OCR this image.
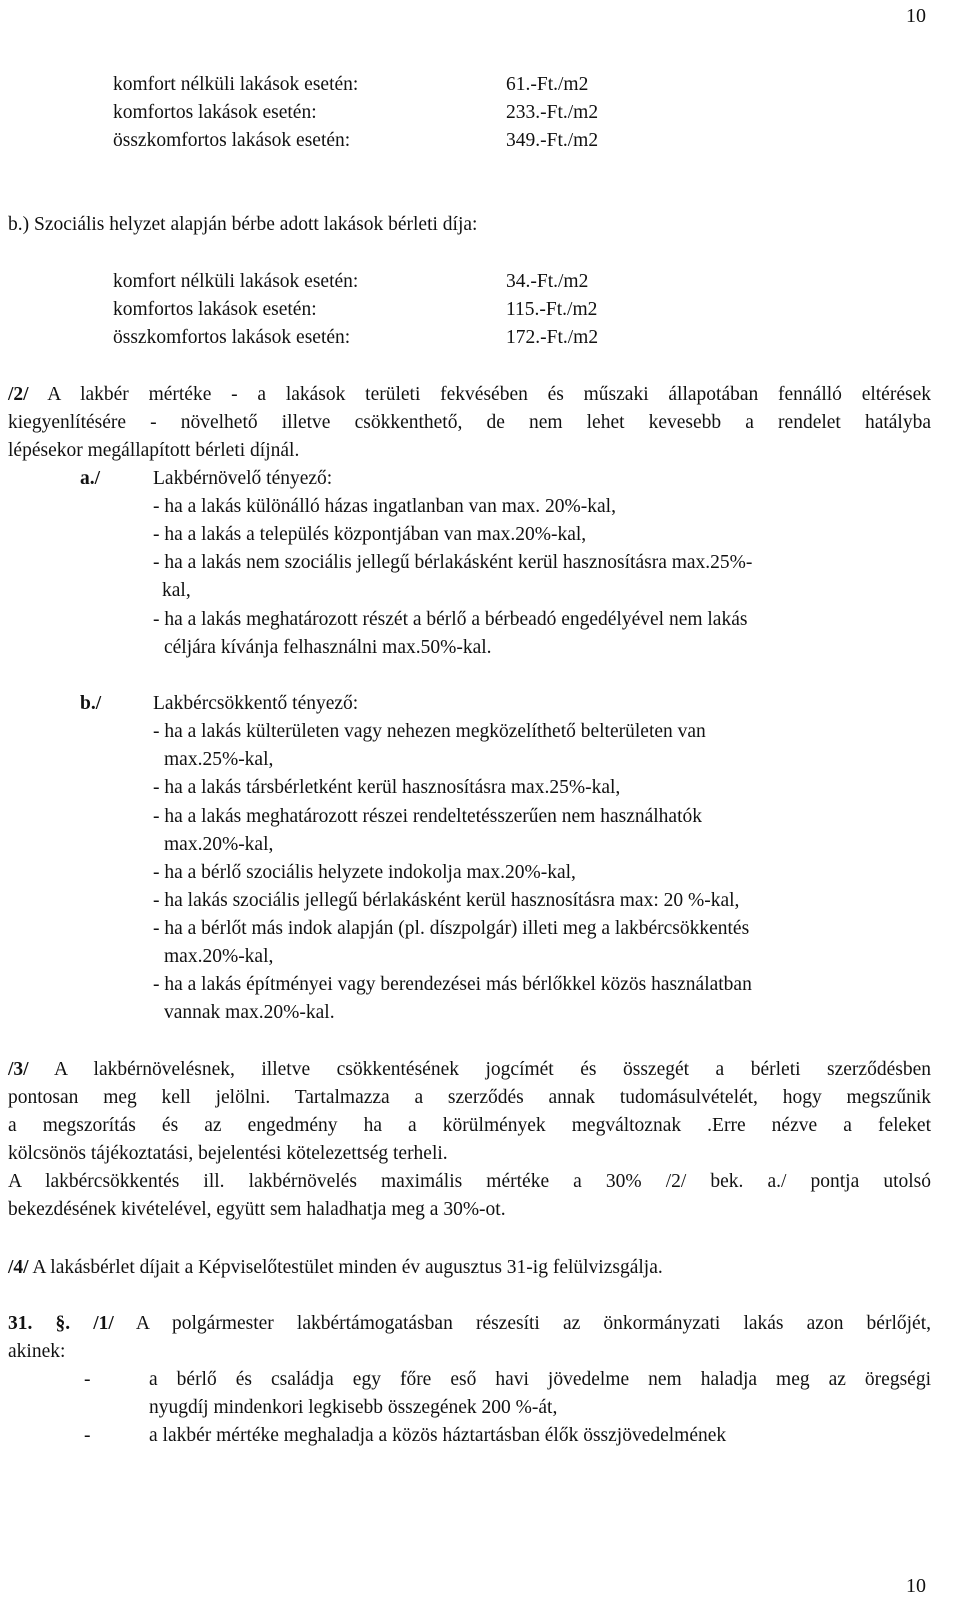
10
komfort nélküli lakások esetén:	61.-Ft./m2
komfortos lakások esetén:	233.-Ft./m2
összkomfortos lakások esetén:	349.-Ft./m2
b.) Szociális helyzet alapján bérbe adott lakások bérleti díja:
komfort nélküli lakások esetén:	34.-Ft./m2
komfortos lakások esetén:	115.-Ft./m2
összkomfortos lakások esetén:	172.-Ft./m2

/2/ A lakbér mértéke - a lakások területi fekvésében és műszaki állapotában fennálló eltérések

kiegyenlítésére - növelhető illetve csökkenthető, de nem lehet kevesebb a rendelet hatályba

lépésekor megállapított bérleti díjnál.

a./	Lakbérnövelő tényező:
- ha a lakás különálló házas ingatlanban van max. 20%-kal,
- ha a lakás a település központjában van max.20%-kal,
- ha a lakás nem szociális jellegű bérlakásként kerül hasznosításra max.25%-
kal,
- ha a lakás meghatározott részét a bérlő a bérbeadó engedélyével nem lakás
céljára kívánja felhasználni max.50%-kal.
b./	Lakbércsökkentő tényező:
- ha a lakás külterületen vagy nehezen megközelíthető belterületen van
max.25%-kal,
- ha a lakás társbérletként kerül hasznosításra max.25%-kal,
- ha a lakás meghatározott részei rendeltetésszerűen nem használhatók
max.20%-kal,
- ha a bérlő szociális helyzete indokolja max.20%-kal,
- ha lakás szociális jellegű bérlakásként kerül hasznosításra max: 20 %-kal,
- ha a bérlőt más indok alapján (pl. díszpolgár) illeti meg a lakbércsökkentés
max.20%-kal,
- ha a lakás építményei vagy berendezései más bérlőkkel közös használatban
vannak max.20%-kal.

/3/ A lakbérnövelésnek, illetve csökkentésének jogcímét és összegét a bérleti szerződésben

pontosan meg kell jelölni. Tartalmazza a szerződés annak tudomásulvételét, hogy megszűnik

a megszorítás és az engedmény ha a körülmények megváltoznak .Erre nézve a feleket

kölcsönös tájékoztatási, bejelentési kötelezettség terheli.

A lakbércsökkentés ill. lakbérnövelés maximális mértéke a 30% /2/ bek. a./ pontja utolsó

bekezdésének kivételével, együtt sem haladhatja meg a 30%-ot.

/4/ A lakásbérlet díjait a Képviselőtestület minden év augusztus 31-ig felülvizsgálja.

31. §. /1/ A polgármester lakbértámogatásban részesíti az önkormányzati lakás azon bérlőjét,

akinek:

-	a bérlő és családja egy főre eső havi jövedelme nem haladja meg az öregségi
nyugdíj mindenkori legkisebb összegének 200 %-át,
-	a lakbér mértéke meghaladja a közös háztartásban élők összjövedelmének
10
